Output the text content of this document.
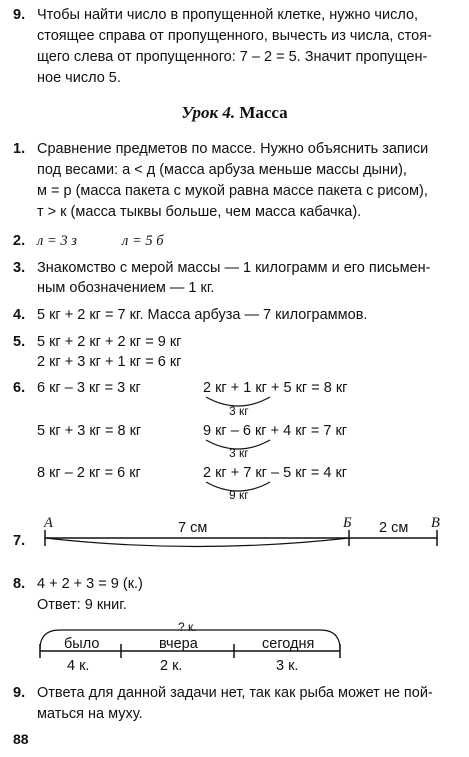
9. Чтобы найти число в пропущенной клетке, нужно число,
стоящее справа от пропущенного, вычесть из числа, стоя-
щего слева от пропущенного: 7 – 2 = 5. Значит пропущен-
ное число 5.
Урок 4. Масса
1. Сравнение предметов по массе. Нужно объяснить записи
под весами: а < д (масса арбуза меньше массы дыни),
м = р (масса пакета с мукой равна массе пакета с рисом),
т > к (масса тыквы больше, чем масса кабачка).
2. л = 3 з	л = 5 б
3. Знакомство с мерой массы — 1 килограмм и его письмен-
ным обозначением — 1 кг.
4. 5 кг + 2 кг = 7 кг. Масса арбуза — 7 килограммов.
5. 5 кг + 2 кг + 2 кг = 9 кг
2 кг + 3 кг + 1 кг = 6 кг
6. 6 кг – 3 кг = 3 кг	2 кг + 1 кг + 5 кг = 8 кг
3 кг
5 кг + 3 кг = 8 кг	9 кг – 6 кг + 4 кг = 7 кг
3 кг
8 кг – 2 кг = 6 кг	2 кг + 7 кг – 5 кг = 4 кг
9 кг
7.
А	Б	В
7 см	2 см
8. 4 + 2 + 3 = 9 (к.)
Ответ: 9 книг.
? к.
было	вчера	сегодня
4 к.	2 к.	3 к.
9. Ответа для данной задачи нет, так как рыба может не пой-
маться на муху.
88
